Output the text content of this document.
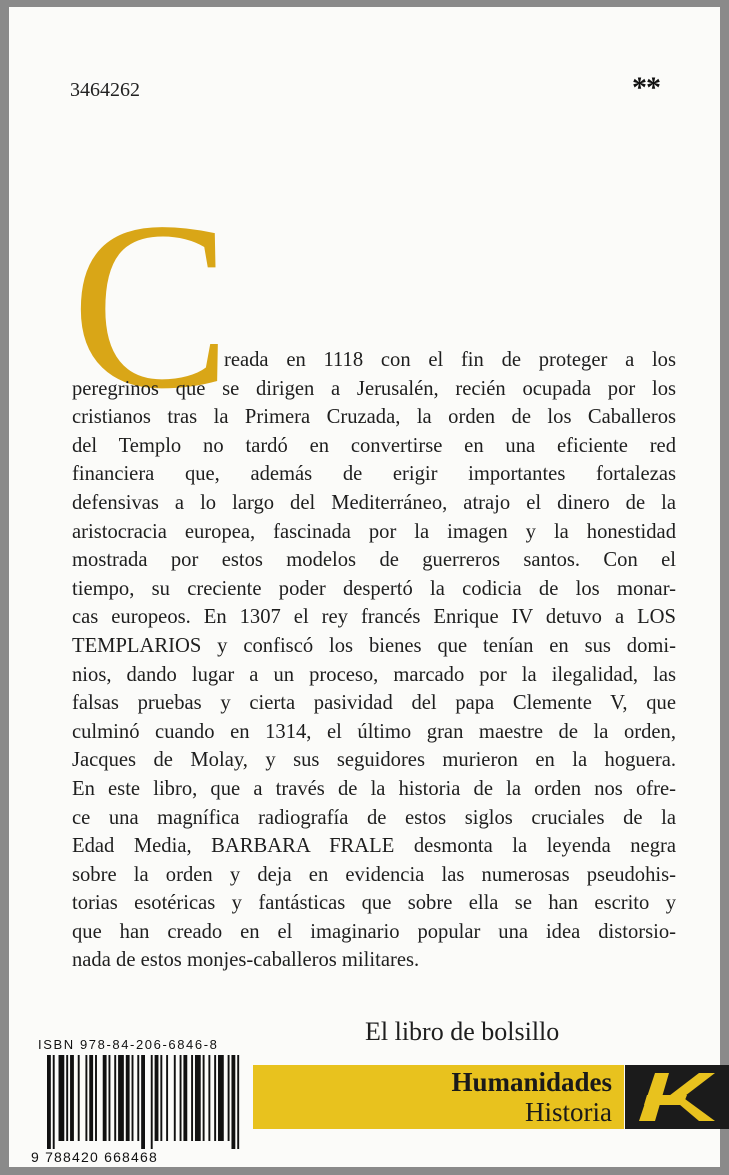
3464262	**
C
reada en 1118 con el fin de proteger a los
peregrinos que se dirigen a Jerusalén, recién ocupada por los
cristianos tras la Primera Cruzada, la orden de los Caballeros
del Templo no tardó en convertirse en una eficiente red
financiera que, además de erigir importantes fortalezas
defensivas a lo largo del Mediterráneo, atrajo el dinero de la
aristocracia europea, fascinada por la imagen y la honestidad
mostrada por estos modelos de guerreros santos. Con el
tiempo, su creciente poder despertó la codicia de los monar-
cas europeos. En 1307 el rey francés Enrique IV detuvo a LOS
TEMPLARIOS y confiscó los bienes que tenían en sus domi-
nios, dando lugar a un proceso, marcado por la ilegalidad, las
falsas pruebas y cierta pasividad del papa Clemente V, que
culminó cuando en 1314, el último gran maestre de la orden,
Jacques de Molay, y sus seguidores murieron en la hoguera.
En este libro, que a través de la historia de la orden nos ofre-
ce una magnífica radiografía de estos siglos cruciales de la
Edad Media, BARBARA FRALE desmonta la leyenda negra
sobre la orden y deja en evidencia las numerosas pseudohis-
torias esotéricas y fantásticas que sobre ella se han escrito y
que han creado en el imaginario popular una idea distorsio-
nada de estos monjes-caballeros militares.
El libro de bolsillo
ISBN 978-84-206-6846-8
9 788420 668468
Humanidades
Historia
